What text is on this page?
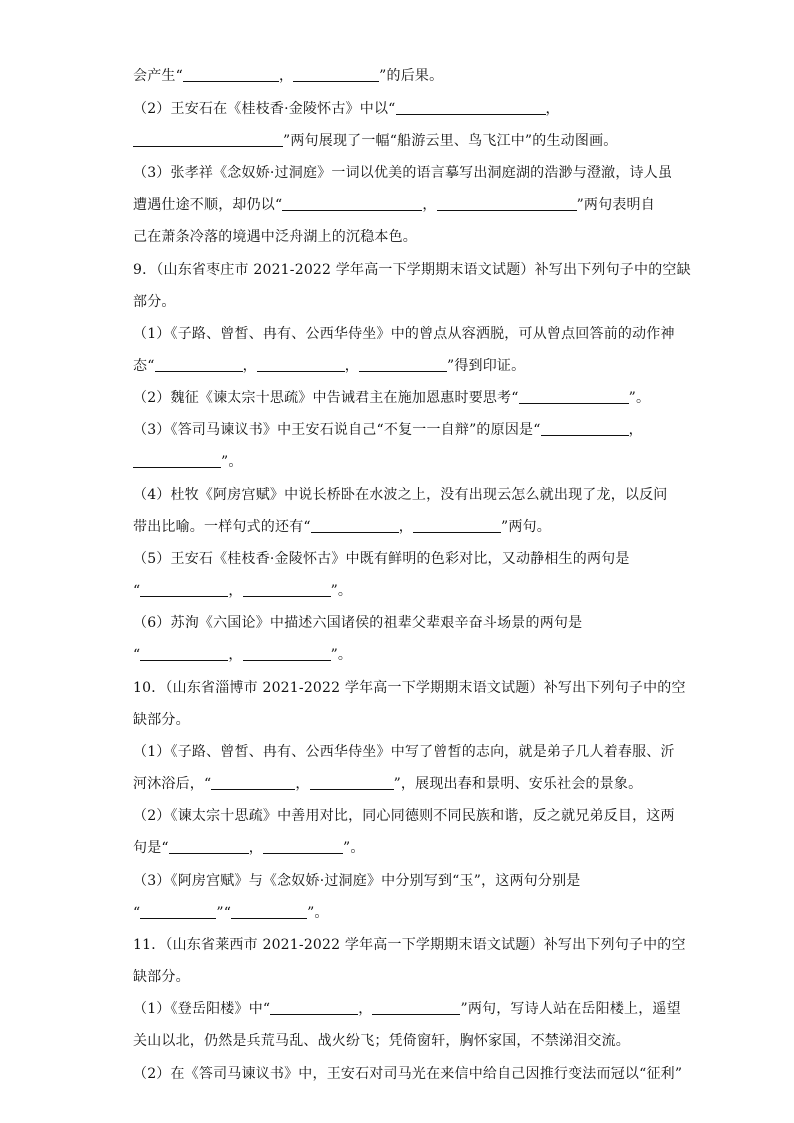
会产生“	，	”的后果。
（2）王安石在《桂枝香·金陵怀古》中以“	，
”两句展现了一幅“船游云里、鸟飞江中”的生动图画。
（3）张孝祥《念奴娇·过洞庭》一词以优美的语言摹写出洞庭湖的浩渺与澄澈，诗人虽
遭遇仕途不顺，却仍以“	，	”两句表明自
己在萧条冷落的境遇中泛舟湖上的沉稳本色。
9．（山东省枣庄市 2021-2022 学年高一下学期期末语文试题）补写出下列句子中的空缺
部分。
（1）《子路、曾皙、冉有、公西华侍坐》中的曾点从容洒脱，可从曾点回答前的动作神
态“	，	，	”得到印证。
（2）魏征《谏太宗十思疏》中告诫君主在施加恩惠时要思考“	”。
（3）《答司马谏议书》中王安石说自己“不复一一自辩”的原因是“	，
”。
（4）杜牧《阿房宫赋》中说长桥卧在水波之上，没有出现云怎么就出现了龙，以反问
带出比喻。一样句式的还有“	，	”两句。
（5）王安石《桂枝香·金陵怀古》中既有鲜明的色彩对比，又动静相生的两句是
“	，	”。
（6）苏洵《六国论》中描述六国诸侯的祖辈父辈艰辛奋斗场景的两句是
“	，	”。
10．（山东省淄博市 2021-2022 学年高一下学期期末语文试题）补写出下列句子中的空
缺部分。
（1）《子路、曾皙、冉有、公西华侍坐》中写了曾皙的志向，就是弟子几人着春服、沂
河沐浴后，“	，	”，展现出春和景明、安乐社会的景象。
（2）《谏太宗十思疏》中善用对比，同心同德则不同民族和谐，反之就兄弟反目，这两
句是“	，	”。
（3）《阿房宫赋》与《念奴娇·过洞庭》中分别写到“玉”，这两句分别是
“	”“	”。
11．（山东省莱西市 2021-2022 学年高一下学期期末语文试题）补写出下列句子中的空
缺部分。
（1）《登岳阳楼》中“	，	”两句，写诗人站在岳阳楼上，遥望
关山以北，仍然是兵荒马乱、战火纷飞；凭倚窗轩，胸怀家国，不禁涕泪交流。
（2）在《答司马谏议书》中，王安石对司马光在来信中给自己因推行变法而冠以“征利”
